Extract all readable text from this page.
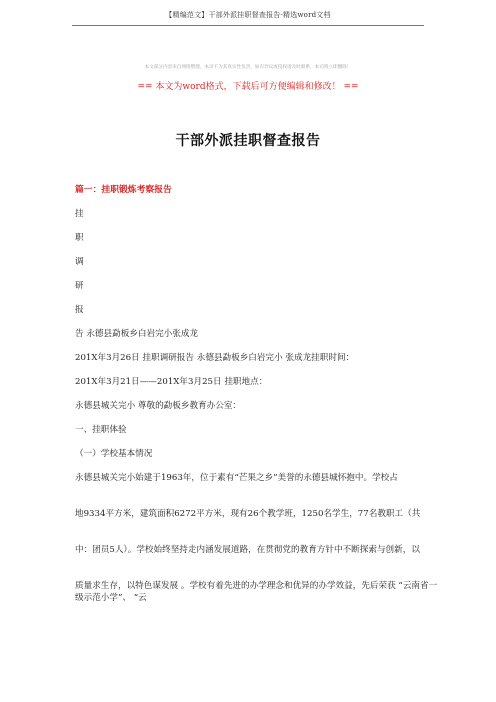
【精编范文】干部外派挂职督查报告-精选word文档
本文部分内容来自网络整理，本司不为其真实性负责，如有异议或侵权请及时联系，本司将立即删除！
== 本文为word格式，下载后可方便编辑和修改！ ==
干部外派挂职督查报告
篇一：挂职锻炼考察报告
挂
职
调
研
报
告 永德县勐板乡白岩完小张成龙
201X年3月26日 挂职调研报告 永德县勐板乡白岩完小 张成龙挂职时间：
201X年3月21日——201X年3月25日 挂职地点：
永德县城关完小 尊敬的勐板乡教育办公室：
一、挂职体验
（一）学校基本情况
永德县城关完小始建于1963年，位于素有“芒果之乡”美誉的永德县城怀抱中。学校占
地9334平方米，建筑面积6272平方米，现有26个教学班，1250名学生，77名教职工（共
中：团员5人）。学校始终坚持走内涵发展道路，在贯彻党的教育方针中不断探索与创新，以
质量求生存，以特色谋发展 。学校有着先进的办学理念和优异的办学效益，先后荣获 “云南省一级示范小学”、 “云
